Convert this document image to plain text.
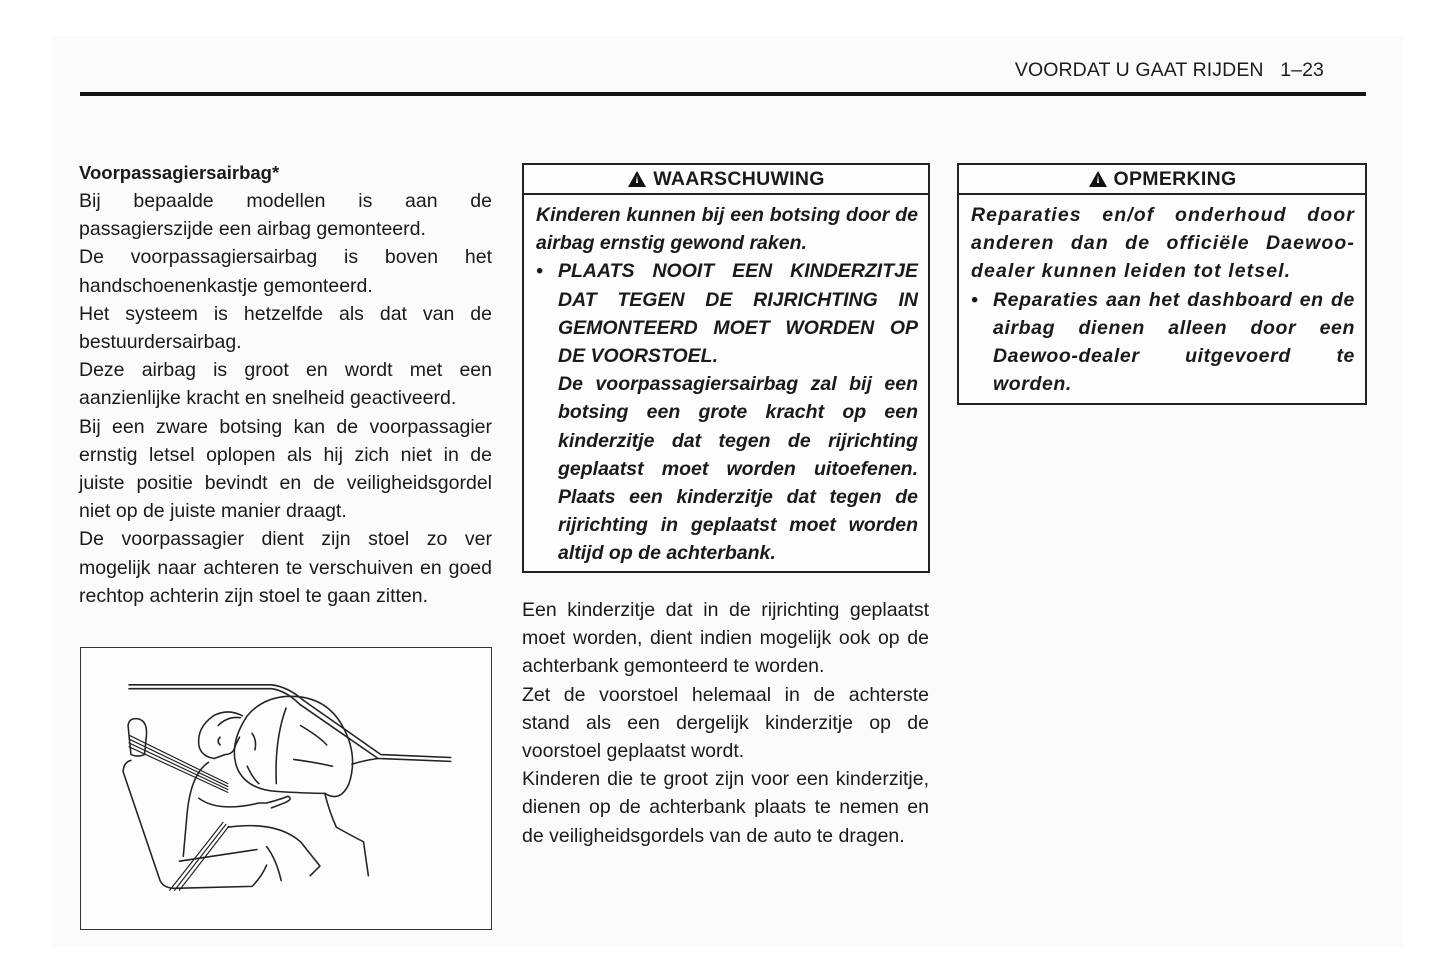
VOORDAT U GAAT RIJDEN 1–23
Voorpassagiersairbag*

Bij bepaalde modellen is aan de passagierszijde een airbag gemonteerd.

De voorpassagiersairbag is boven het handschoenenkastje gemonteerd.

Het systeem is hetzelfde als dat van de bestuurdersairbag.

Deze airbag is groot en wordt met een aanzienlijke kracht en snelheid geactiveerd.

Bij een zware botsing kan de voorpassagier ernstig letsel oplopen als hij zich niet in de juiste positie bevindt en de veiligheidsgordel niet op de juiste manier draagt.

De voorpassagier dient zijn stoel zo ver mogelijk naar achteren te verschuiven en goed rechtop achterin zijn stoel te gaan zitten.

WAARSCHUWING

Kinderen kunnen bij een botsing door de airbag ernstig gewond raken.

• PLAATS NOOIT EEN KINDERZITJE DAT TEGEN DE RIJRICHTING IN GEMONTEERD MOET WORDEN OP DE VOORSTOEL.

De voorpassagiersairbag zal bij een botsing een grote kracht op een kinderzitje dat tegen de rijrichting geplaatst moet worden uitoefenen. Plaats een kinderzitje dat tegen de rijrichting in geplaatst moet worden altijd op de achterbank.

Een kinderzitje dat in de rijrichting geplaatst moet worden, dient indien mogelijk ook op de achterbank gemonteerd te worden.

Zet de voorstoel helemaal in de achterste stand als een dergelijk kinderzitje op de voorstoel geplaatst wordt.

Kinderen die te groot zijn voor een kinderzitje, dienen op de achterbank plaats te nemen en de veiligheidsgordels van de auto te dragen.

OPMERKING

Reparaties en/of onderhoud door anderen dan de officiële Daewoo-dealer kunnen leiden tot letsel.

• Reparaties aan het dashboard en de airbag dienen alleen door een Daewoo-dealer uitgevoerd te worden.
